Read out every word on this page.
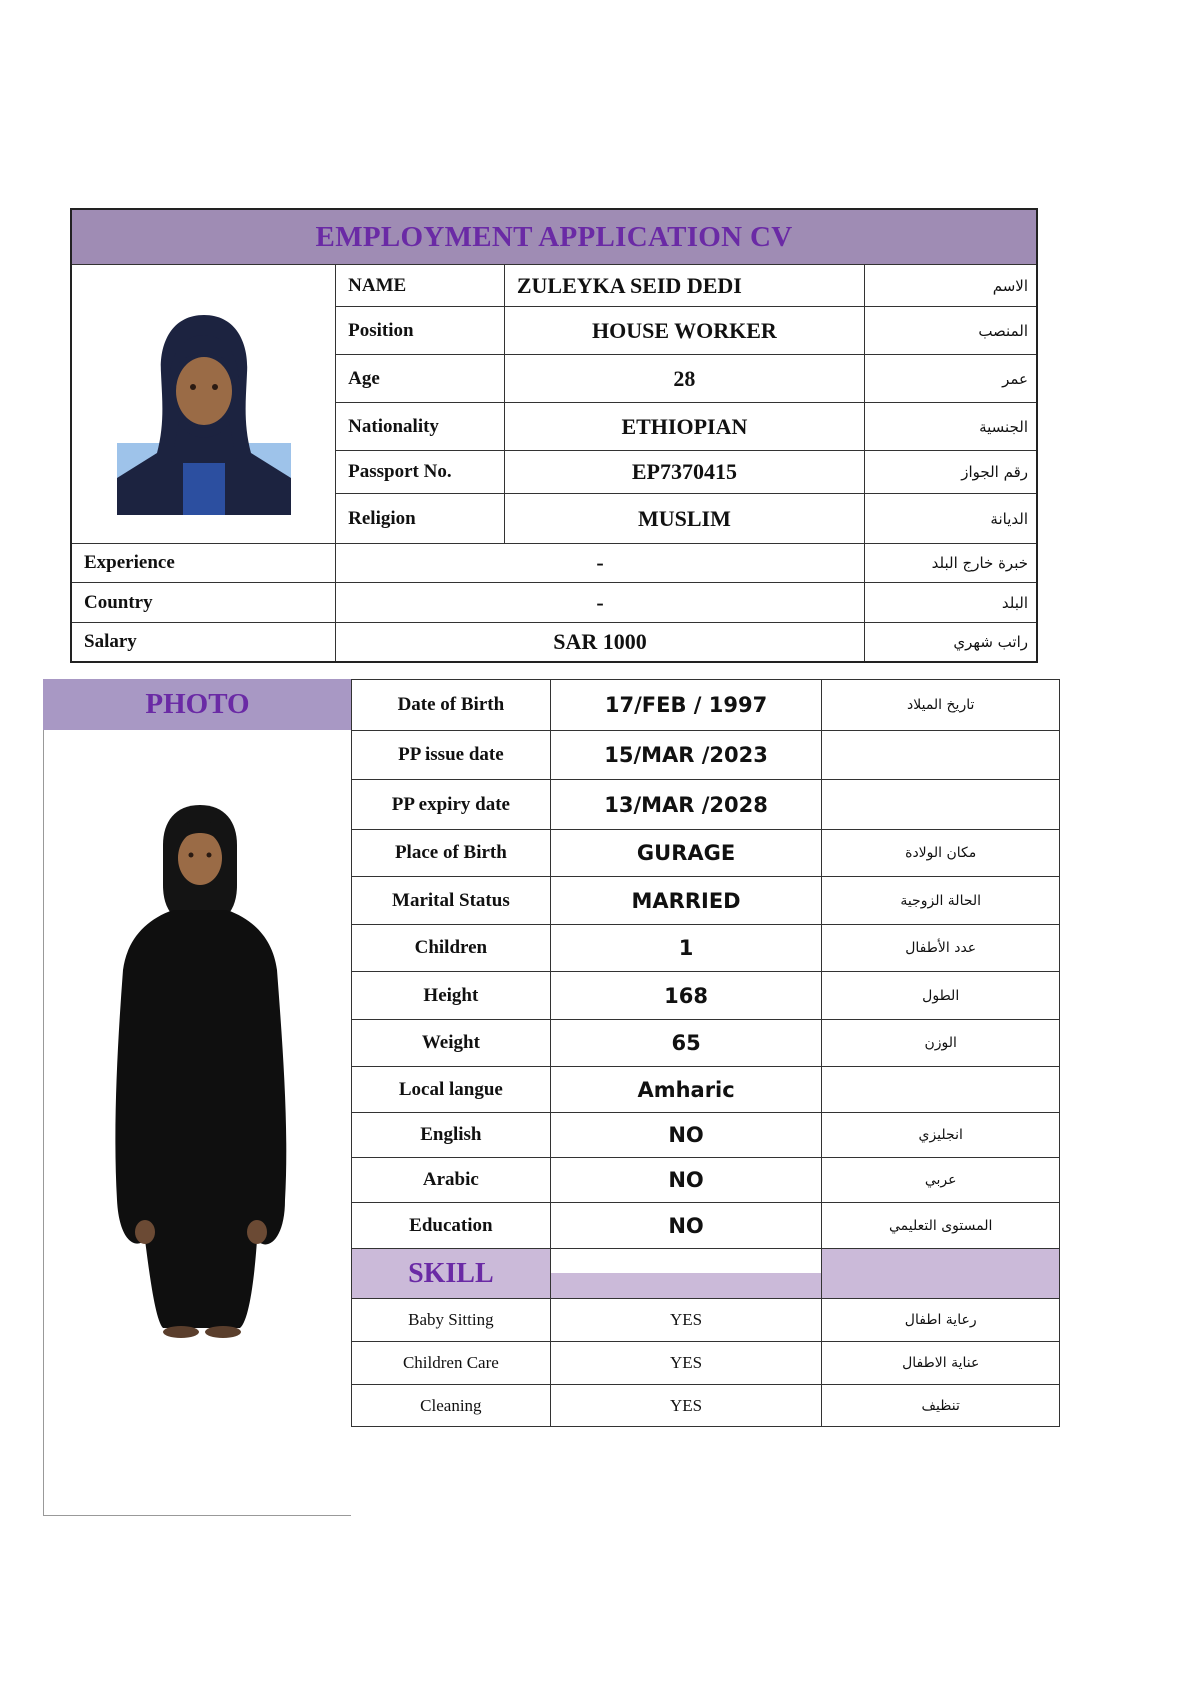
EMPLOYMENT APPLICATION CV			

	NAME	ZULEYKA SEID DEDI	الاسم
	Position	HOUSE WORKER	المنصب
	Age	28	عمر
	Nationality	ETHIOPIAN	الجنسية
	Passport No.	EP7370415	رقم الجواز
	Religion	MUSLIM	الديانة
Experience	-		خبرة خارج البلد
Country	-		البلد
Salary	SAR 1000		راتب شهري
PHOTO	Date of Birth	17/FEB / 1997	تاريخ الميلاد
PP issue date	15/MAR /2023	
PP expiry date	13/MAR /2028	
Place of Birth	GURAGE	مكان الولادة
Marital Status	MARRIED	الحالة الزوجية
Children	1	عدد الأطفال
Height	168	الطول
Weight	65	الوزن
Local langue	Amharic	
English	NO	انجليزي
Arabic	NO	عربي
Education	NO	المستوى التعليمي
SKILL	

Baby Sitting	YES	رعاية اطفال
Children Care	YES	عناية الاطفال
Cleaning	YES	تنظيف
